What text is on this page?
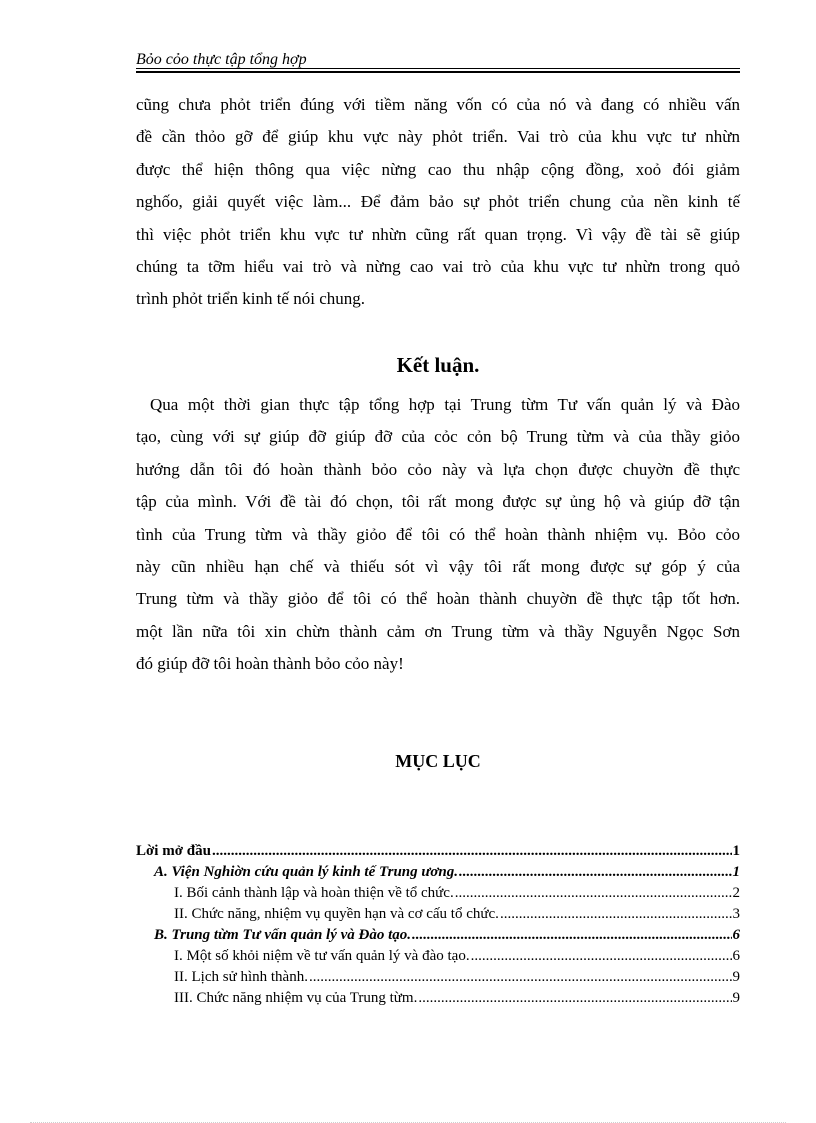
Bỏo cỏo thực tập tổng hợp
cũng chưa phỏt triển đúng với tiềm năng vốn có của nó và đang có nhiều vấn
đề cần thỏo gỡ để giúp khu vực này phỏt triển. Vai trò của khu vực tư nhừn
được thể hiện thông qua việc nừng cao thu nhập cộng đồng, xoỏ đói giảm
nghốo, giải quyết việc làm... Để đảm bảo sự phỏt triển chung của nền kinh tế
thì việc phỏt triển khu vực tư nhừn cũng rất quan trọng. Vì vậy đề tài sẽ giúp
chúng ta tỡm hiểu vai trò và nừng cao vai trò của khu vực tư nhừn trong quỏ
trình phỏt triển kinh tế nói chung.
Kết luận.
Qua một thời gian thực tập tổng hợp tại Trung từm Tư vấn quản lý và Đào
tạo, cùng với sự giúp đỡ giúp đỡ của cỏc cỏn bộ Trung từm và của thầy giỏo
hướng dẫn tôi đó hoàn thành bỏo cỏo này và lựa chọn được chuyờn đề thực
tập của mình. Với đề tài đó chọn, tôi rất mong được sự ủng hộ và giúp đỡ tận
tình của Trung từm và thầy giỏo để tôi có thể hoàn thành nhiệm vụ. Bỏo cỏo
này cũn nhiều hạn chế và thiếu sót vì vậy tôi rất mong được sự góp ý của
Trung từm và thầy giỏo để tôi có thể hoàn thành chuyờn đề thực tập tốt hơn.
một lần nữa tôi xin chừn thành cảm ơn Trung từm và thầy Nguyễn Ngọc Sơn
đó giúp đỡ tôi hoàn thành bỏo cỏo này!
MỤC LỤC
Lời mở đầu .....	1
A. Viện Nghiờn cứu quản lý kinh tế Trung ương. .....	1
I. Bối cảnh thành lập và hoàn thiện về tổ chức. .....	2
II. Chức năng, nhiệm vụ quyền hạn và cơ cấu tổ chức. .....	3
B. Trung từm Tư vấn quản lý và Đào tạo. .....	6
I. Một số khỏi niệm về tư vấn quản lý và đào tạo. .....	6
II. Lịch sử hình thành. .....	9
III. Chức năng nhiệm vụ của Trung từm. .....	9
